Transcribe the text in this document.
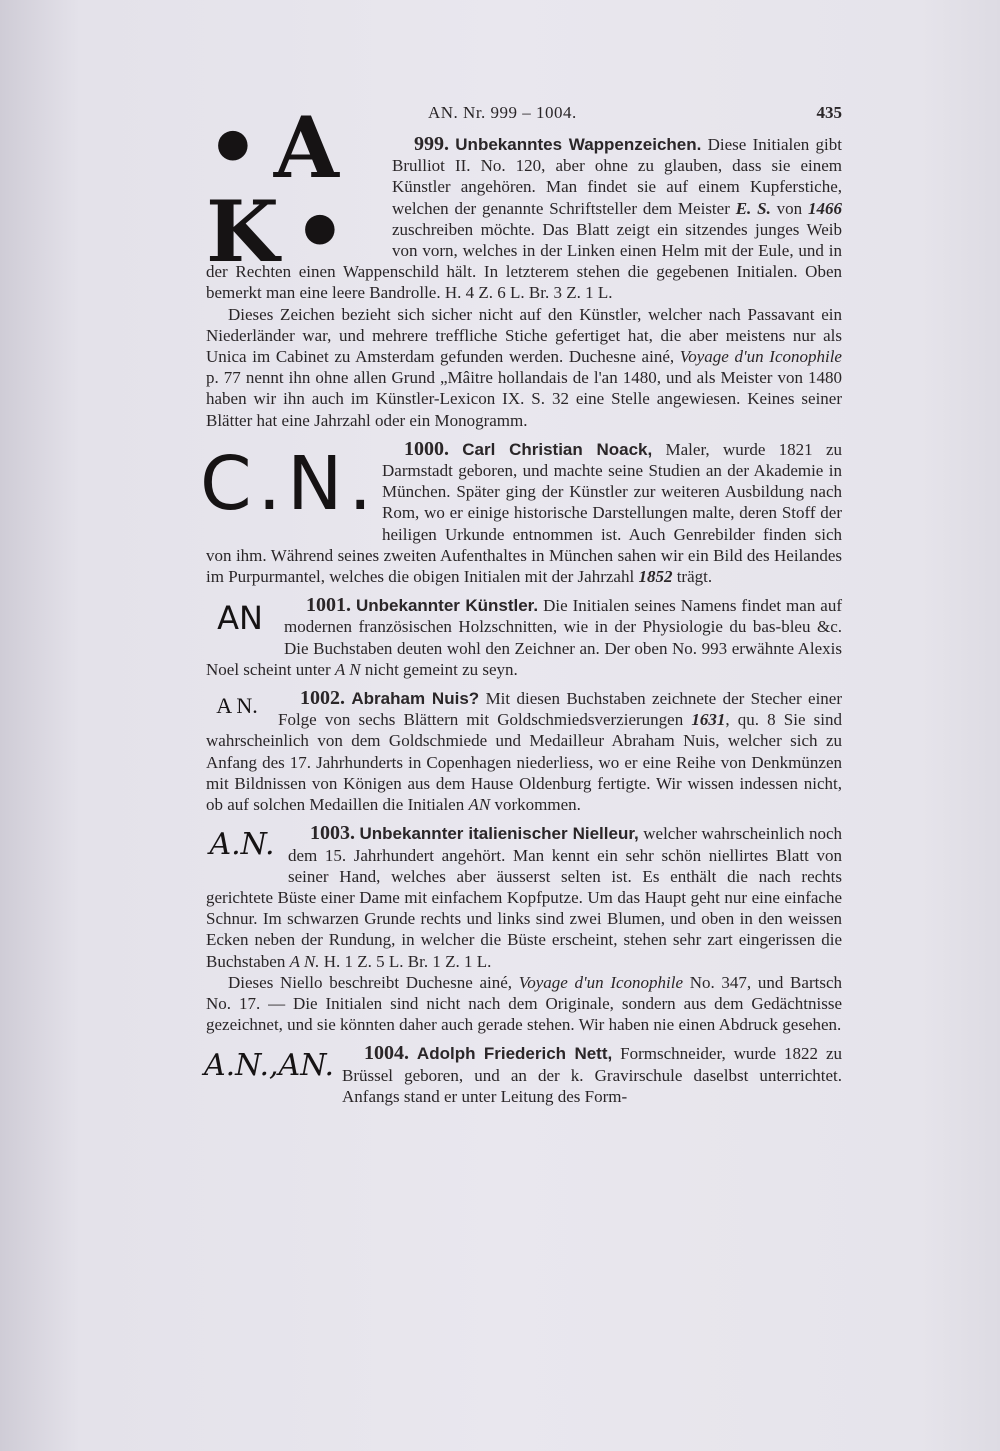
AN. Nr. 999 – 1004.	435

999. Unbekanntes Wappenzeichen.
•A K•
Diese Initialen gibt Brulliot II. No. 120, aber ohne zu glauben, dass sie einem Künstler angehören. Man findet sie auf einem Kupferstiche, welchen der genannte Schriftsteller dem Meister E. S. von 1466 zuschreiben möchte. Das Blatt zeigt ein sitzendes junges Weib von vorn, welches in der Linken einen Helm mit der Eule, und in der Rechten einen Wappenschild hält. In letzterem stehen die gegebenen Initialen. Oben bemerkt man eine leere Bandrolle. H. 4 Z. 6 L. Br. 3 Z. 1 L.

Dieses Zeichen bezieht sich sicher nicht auf den Künstler, welcher nach Passavant ein Niederländer war, und mehrere treffliche Stiche gefertiget hat, die aber meistens nur als Unica im Cabinet zu Amsterdam gefunden werden. Duchesne ainé, Voyage d'un Iconophile p. 77 nennt ihn ohne allen Grund „Mâitre hollandais de l'an 1480, und als Meister von 1480 haben wir ihn auch im Künstler-Lexicon IX. S. 32 eine Stelle angewiesen. Keines seiner Blätter hat eine Jahrzahl oder ein Monogramm.

1000. Carl Christian Noack,
C.N.	Maler, wurde 1821 zu Darmstadt geboren, und machte seine Studien an der Akademie in München. Später ging der Künstler zur weiteren Ausbildung nach Rom, wo er einige historische Darstellungen malte, deren Stoff der heiligen Urkunde entnommen ist. Auch Genrebilder finden sich von ihm. Während seines zweiten Aufenthaltes in München sahen wir ein Bild des Heilandes im Purpurmantel, welches die obigen Initialen mit der Jahrzahl 1852 trägt.

1001. Unbekannter Künstler.
AN	Die Initialen seines Namens findet man auf modernen französischen Holzschnitten, wie in der Physiologie du bas-bleu &c. Die Buchstaben deuten wohl den Zeichner an. Der oben No. 993 erwähnte Alexis Noel scheint unter A N nicht gemeint zu seyn.

1002. Abraham Nuis?
A N.	Mit diesen Buchstaben zeichnete der Stecher einer Folge von sechs Blättern mit Goldschmiedsverzierungen 1631, qu. 8 Sie sind wahrscheinlich von dem Goldschmiede und Medailleur Abraham Nuis, welcher sich zu Anfang des 17. Jahrhunderts in Copenhagen niederliess, wo er eine Reihe von Denkmünzen mit Bildnissen von Königen aus dem Hause Oldenburg fertigte. Wir wissen indessen nicht, ob auf solchen Medaillen die Initialen AN vorkommen.

1003. Unbekannter italienischer Nielleur,
A.N.	welcher wahrscheinlich noch dem 15. Jahrhundert angehört. Man kennt ein sehr schön niellirtes Blatt von seiner Hand, welches aber äusserst selten ist. Es enthält die nach rechts gerichtete Büste einer Dame mit einfachem Kopfputze. Um das Haupt geht nur eine einfache Schnur. Im schwarzen Grunde rechts und links sind zwei Blumen, und oben in den weissen Ecken neben der Rundung, in welcher die Büste erscheint, stehen sehr zart eingerissen die Buchstaben A N. H. 1 Z. 5 L. Br. 1 Z. 1 L.

Dieses Niello beschreibt Duchesne ainé, Voyage d'un Iconophile No. 347, und Bartsch No. 17. — Die Initialen sind nicht nach dem Originale, sondern aus dem Gedächtnisse gezeichnet, und sie könnten daher auch gerade stehen. Wir haben nie einen Abdruck gesehen.

1004. Adolph Friederich Nett,
A.N.,AN.	Formschneider, wurde 1822 zu Brüssel geboren, und an der k. Gravirschule daselbst unterrichtet. Anfangs stand er unter Leitung des Form-
